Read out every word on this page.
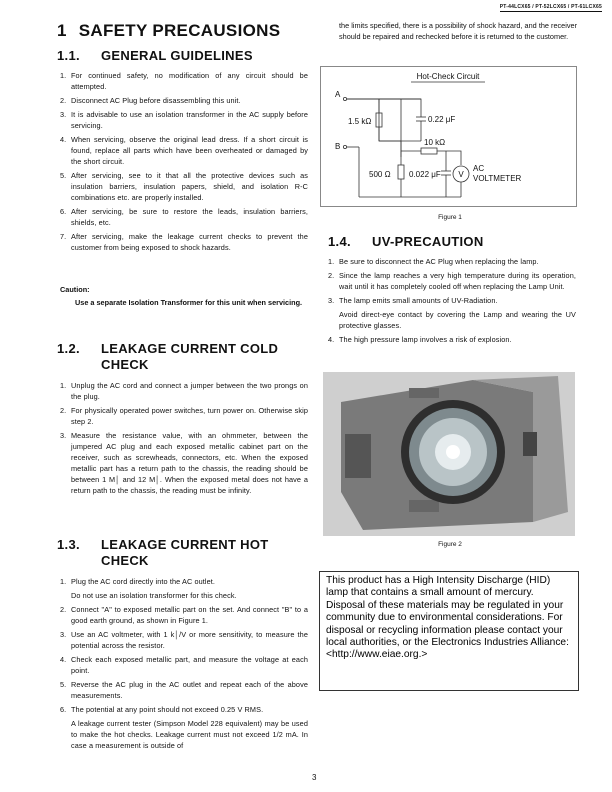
PT-44LCX65 / PT-52LCX65 / PT-61LCX65
1 SAFETY PRECAUSIONS
1.1.	GENERAL GUIDELINES
1. For continued safety, no modification of any circuit should be attempted.
2. Disconnect AC Plug before disassembling this unit.
3. It is advisable to use an isolation transformer in the AC supply before servicing.
4. When servicing, observe the original lead dress. If a short circuit is found, replace all parts which have been overheated or damaged by the short circuit.
5. After servicing, see to it that all the protective devices such as insulation barriers, insulation papers, shield, and isolation R-C combinations etc. are properly installed.
6. After servicing, be sure to restore the leads, insulation barriers, shields, etc.
7. After servicing, make the leakage current checks to prevent the customer from being exposed to shock hazards.

Caution:

Use a separate Isolation Transformer for this unit when servicing.

1.2.	LEAKAGE CURRENT COLD CHECK
1. Unplug the AC cord and connect a jumper between the two prongs on the plug.
2. For physically operated power switches, turn power on. Otherwise skip step 2.
3. Measure the resistance value, with an ohmmeter, between the jumpered AC plug and each exposed metallic cabinet part on the receiver, such as screwheads, connectors, etc. When the exposed metallic part has a return path to the chassis, the reading should be between 1 M│ and 12 M│. When the exposed metal does not have a return path to the chassis, the reading must be infinity.
1.3.	LEAKAGE CURRENT HOT CHECK
1. Plug the AC cord directly into the AC outlet.
Do not use an isolation transformer for this check.
2. Connect "A" to exposed metallic part on the set. And connect "B" to a good earth ground, as shown in Figure 1.
3. Use an AC voltmeter, with 1 k│/V or more sensitivity, to measure the potential across the resistor.
4. Check each exposed metallic part, and measure the voltage at each point.
5. Reverse the AC plug in the AC outlet and repeat each of the above measurements.
6. The potential at any point should not exceed 0.25 V RMS.
A leakage current tester (Simpson Model 228 equivalent) may be used to make the hot checks. Leakage current must not exceed 1/2 mA. In case a measurement is outside of

the limits specified, there is a possibility of shock hazard, and the receiver should be repaired and rechecked before it is returned to the customer.

Hot-Check Circuit
A
B
1.5 kΩ	0.22 μF
10 kΩ
500 Ω 0.022 μF V
AC
VOLTMETER
Figure 1
1.4.	UV-PRECAUTION
1. Be sure to disconnect the AC Plug when replacing the lamp.
2. Since the lamp reaches a very high temperature during its operation, wait until it has completely cooled off when replacing the Lamp Unit.
3. The lamp emits small amounts of UV-Radiation.
Avoid direct-eye contact by covering the Lamp and wearing the UV protective glasses.
4. The high pressure lamp involves a risk of explosion.
Figure 2
This product has a High Intensity Discharge (HID) lamp that contains a small amount of mercury. Disposal of these materials may be regulated in your community due to environmental considerations. For disposal or recycling information please contact your local authorities, or the Electronics Industries Alliance: <http://www.eiae.org.>
3
